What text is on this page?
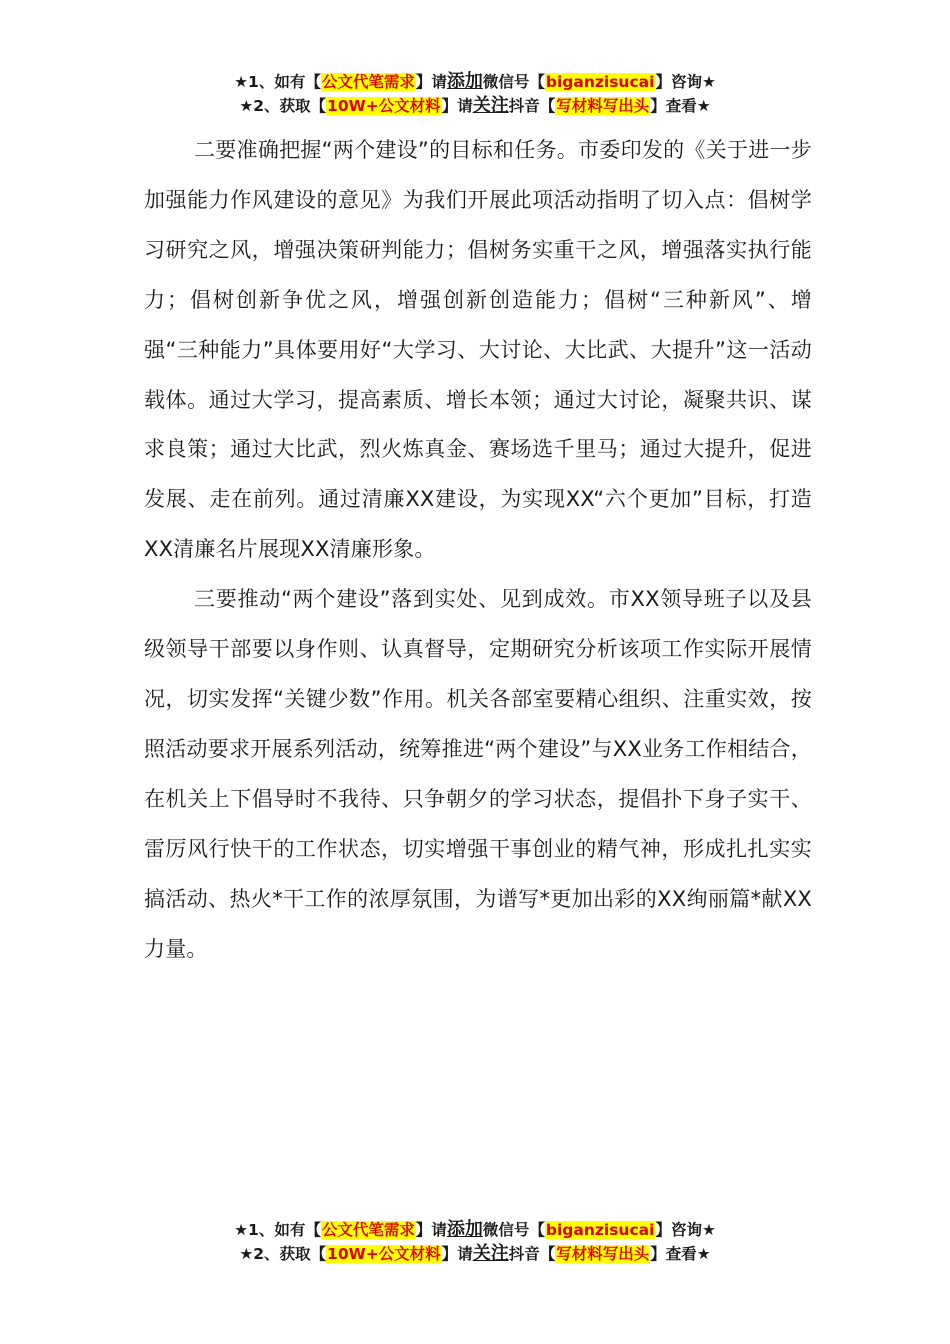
★1、如有【公文代笔需求】请添加微信号【biganzisucai】咨询★
★2、获取【10W+公文材料】请关注抖音【写材料写出头】查看★

二要准确把握“两个建设”的目标和任务。市委印发的《关于进一步加强能力作风建设的意见》为我们开展此项活动指明了切入点：倡树学习研究之风，增强决策研判能力；倡树务实重干之风，增强落实执行能力；倡树创新争优之风，增强创新创造能力；倡树“三种新风”、增强“三种能力”具体要用好“大学习、大讨论、大比武、大提升”这一活动载体。通过大学习，提高素质、增长本领；通过大讨论，凝聚共识、谋求良策；通过大比武，烈火炼真金、赛场选千里马；通过大提升，促进发展、走在前列。通过清廉XX建设，为实现XX“六个更加”目标，打造XX清廉名片展现XX清廉形象。

三要推动“两个建设”落到实处、见到成效。市XX领导班子以及县级领导干部要以身作则、认真督导，定期研究分析该项工作实际开展情况，切实发挥“关键少数”作用。机关各部室要精心组织、注重实效，按照活动要求开展系列活动，统筹推进“两个建设”与XX业务工作相结合，在机关上下倡导时不我待、只争朝夕的学习状态，提倡扑下身子实干、雷厉风行快干的工作状态，切实增强干事创业的精气神，形成扎扎实实搞活动、热火*干工作的浓厚氛围，为谱写*更加出彩的XX绚丽篇*献XX力量。

★1、如有【公文代笔需求】请添加微信号【biganzisucai】咨询★
★2、获取【10W+公文材料】请关注抖音【写材料写出头】查看★
